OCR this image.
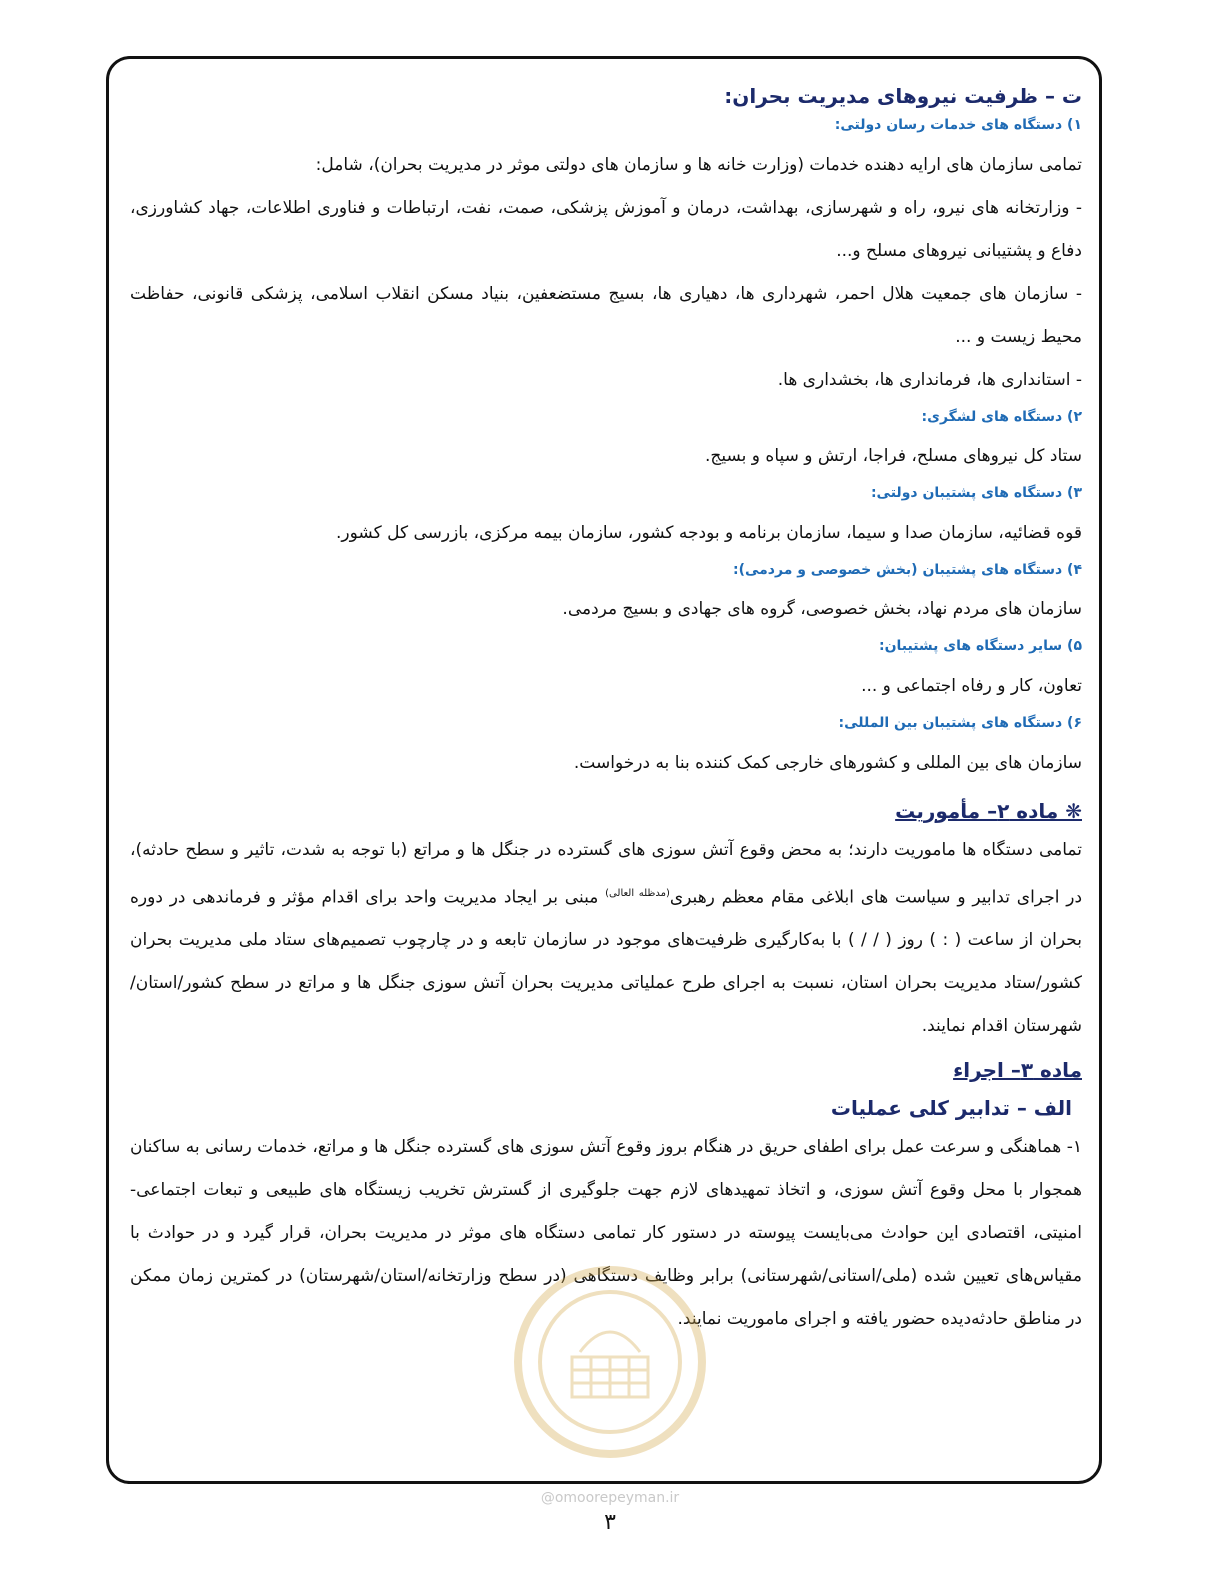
ت – ظرفیت نیروهای مدیریت بحران:
۱) دستگاه های خدمات رسان دولتی:

تمامی سازمان های ارایه دهنده خدمات (وزارت خانه ها و سازمان های دولتی موثر در مدیریت بحران)، شامل:

- وزارتخانه های نیرو، راه و شهرسازی، بهداشت، درمان و آموزش پزشکی، صمت، نفت، ارتباطات و فناوری اطلاعات، جهاد کشاورزی، دفاع و پشتیبانی نیروهای مسلح و...

- سازمان های جمعیت هلال احمر، شهرداری ها، دهیاری ها، بسیج مستضعفین، بنیاد مسکن انقلاب اسلامی، پزشکی قانونی، حفاظت محیط زیست و ...

- استانداری ها، فرمانداری ها، بخشداری ها.

۲) دستگاه های لشگری:

ستاد کل نیروهای مسلح، فراجا، ارتش و سپاه و بسیج.

۳) دستگاه های پشتیبان دولتی:

قوه قضائیه، سازمان صدا و سیما، سازمان برنامه و بودجه کشور، سازمان بیمه مرکزی، بازرسی کل کشور.

۴) دستگاه های پشتیبان (بخش خصوصی و مردمی):

سازمان های مردم نهاد، بخش خصوصی، گروه های جهادی و بسیج مردمی.

۵) سایر دستگاه های پشتیبان:

تعاون، کار و رفاه اجتماعی و ...

۶) دستگاه های پشتیبان بین المللی:

سازمان های بین المللی و کشورهای خارجی کمک کننده بنا به درخواست.

❋ ماده ۲– مأموریت

تمامی دستگاه ها ماموریت دارند؛ به محض وقوع آتش سوزی های گسترده در جنگل ها و مراتع (با توجه به شدت، تاثیر و سطح حادثه)، در اجرای تدابیر و سیاست های ابلاغی مقام معظم رهبری$^{(مدظله العالی)}$ مبنی بر ایجاد مدیریت واحد برای اقدام مؤثر و فرماندهی در دوره بحران از ساعت ( : ) روز ( / / ) با به‌کارگیری ظرفیت‌های موجود در سازمان تابعه و در چارچوب تصمیم‌های ستاد ملی مدیریت بحران کشور/ستاد مدیریت بحران استان، نسبت به اجرای طرح عملیاتی مدیریت بحران آتش سوزی جنگل ها و مراتع در سطح کشور/استان/شهرستان اقدام نمایند.

ماده ۳– اجراء
الف – تدابیر کلی عملیات

۱- هماهنگی و سرعت عمل برای اطفای حریق در هنگام بروز وقوع آتش سوزی های گسترده جنگل ها و مراتع، خدمات رسانی به ساکنان همجوار با محل وقوع آتش سوزی، و اتخاذ تمهیدهای لازم جهت جلوگیری از گسترش تخریب زیستگاه های طبیعی و تبعات اجتماعی- امنیتی، اقتصادی این حوادث می‌بایست پیوسته در دستور کار تمامی دستگاه های موثر در مدیریت بحران، قرار گیرد و در حوادث با مقیاس‌های تعیین شده (ملی/استانی/شهرستانی) برابر وظایف دستگاهی (در سطح وزارتخانه/استان/شهرستان) در کمترین زمان ممکن در مناطق حادثه‌دیده حضور یافته و اجرای ماموریت نمایند.

@omoorepeyman.ir
۳
